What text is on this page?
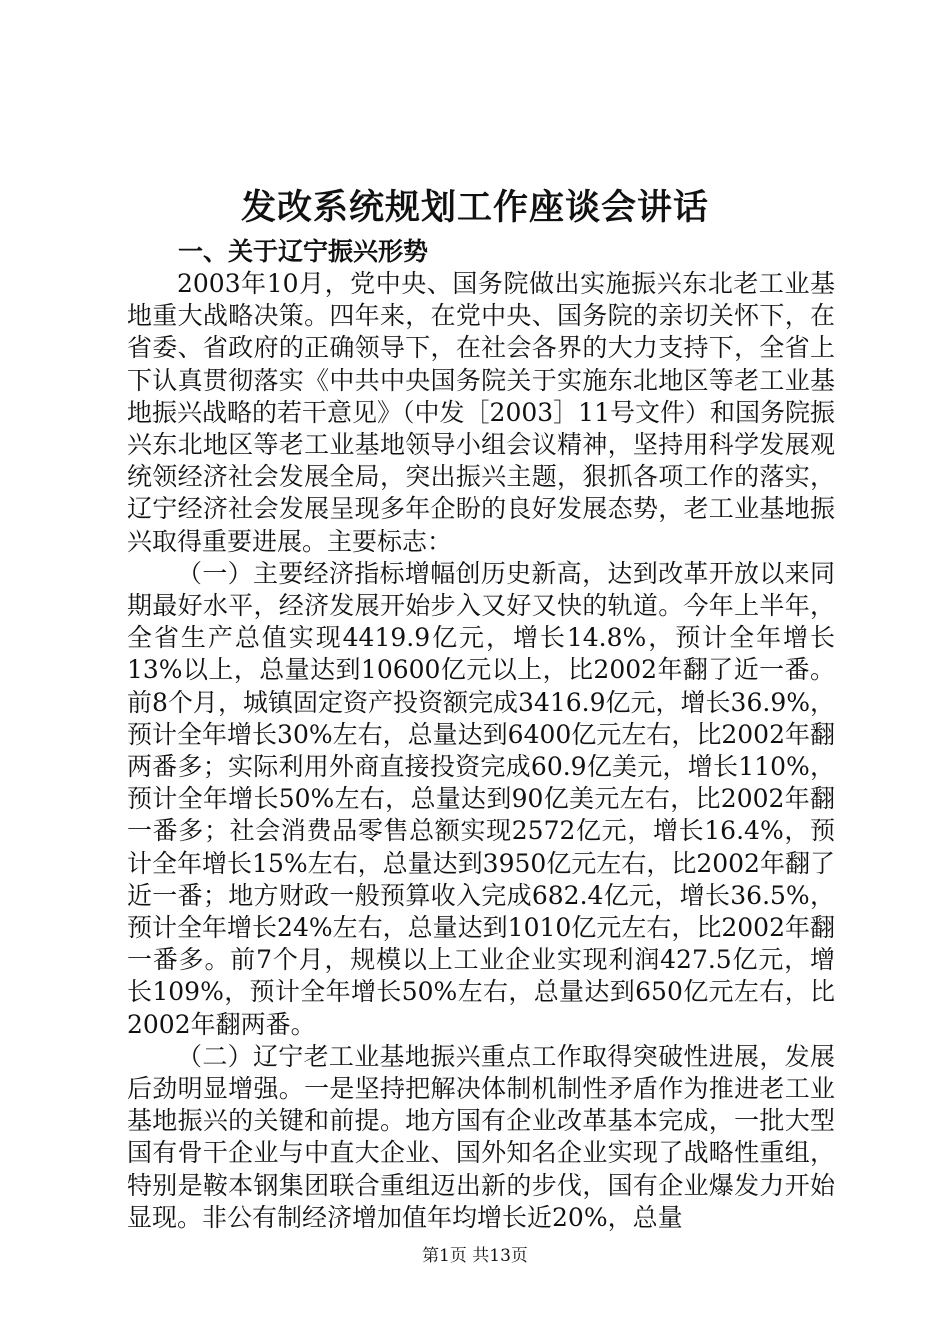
发改系统规划工作座谈会讲话
一、关于辽宁振兴形势

2003年10月，党中央、国务院做出实施振兴东北老工业基地重大战略决策。四年来，在党中央、国务院的亲切关怀下，在省委、省政府的正确领导下，在社会各界的大力支持下，全省上下认真贯彻落实《中共中央国务院关于实施东北地区等老工业基地振兴战略的若干意见》（中发［2003］11号文件）和国务院振兴东北地区等老工业基地领导小组会议精神，坚持用科学发展观统领经济社会发展全局，突出振兴主题，狠抓各项工作的落实，辽宁经济社会发展呈现多年企盼的良好发展态势，老工业基地振兴取得重要进展。主要标志：

（一）主要经济指标增幅创历史新高，达到改革开放以来同期最好水平，经济发展开始步入又好又快的轨道。今年上半年，全省生产总值实现4419.9亿元，增长14.8%，预计全年增长13%以上，总量达到10600亿元以上，比2002年翻了近一番。前8个月，城镇固定资产投资额完成3416.9亿元，增长36.9%，预计全年增长30%左右，总量达到6400亿元左右，比2002年翻两番多；实际利用外商直接投资完成60.9亿美元，增长110%，预计全年增长50%左右，总量达到90亿美元左右，比2002年翻一番多；社会消费品零售总额实现2572亿元，增长16.4%，预计全年增长15%左右，总量达到3950亿元左右，比2002年翻了近一番；地方财政一般预算收入完成682.4亿元，增长36.5%，预计全年增长24%左右，总量达到1010亿元左右，比2002年翻一番多。前7个月，规模以上工业企业实现利润427.5亿元，增长109%，预计全年增长50%左右，总量达到650亿元左右，比2002年翻两番。

（二）辽宁老工业基地振兴重点工作取得突破性进展，发展后劲明显增强。一是坚持把解决体制机制性矛盾作为推进老工业基地振兴的关键和前提。地方国有企业改革基本完成，一批大型国有骨干企业与中直大企业、国外知名企业实现了战略性重组，特别是鞍本钢集团联合重组迈出新的步伐，国有企业爆发力开始显现。非公有制经济增加值年均增长近20%，总量

第1页 共13页
